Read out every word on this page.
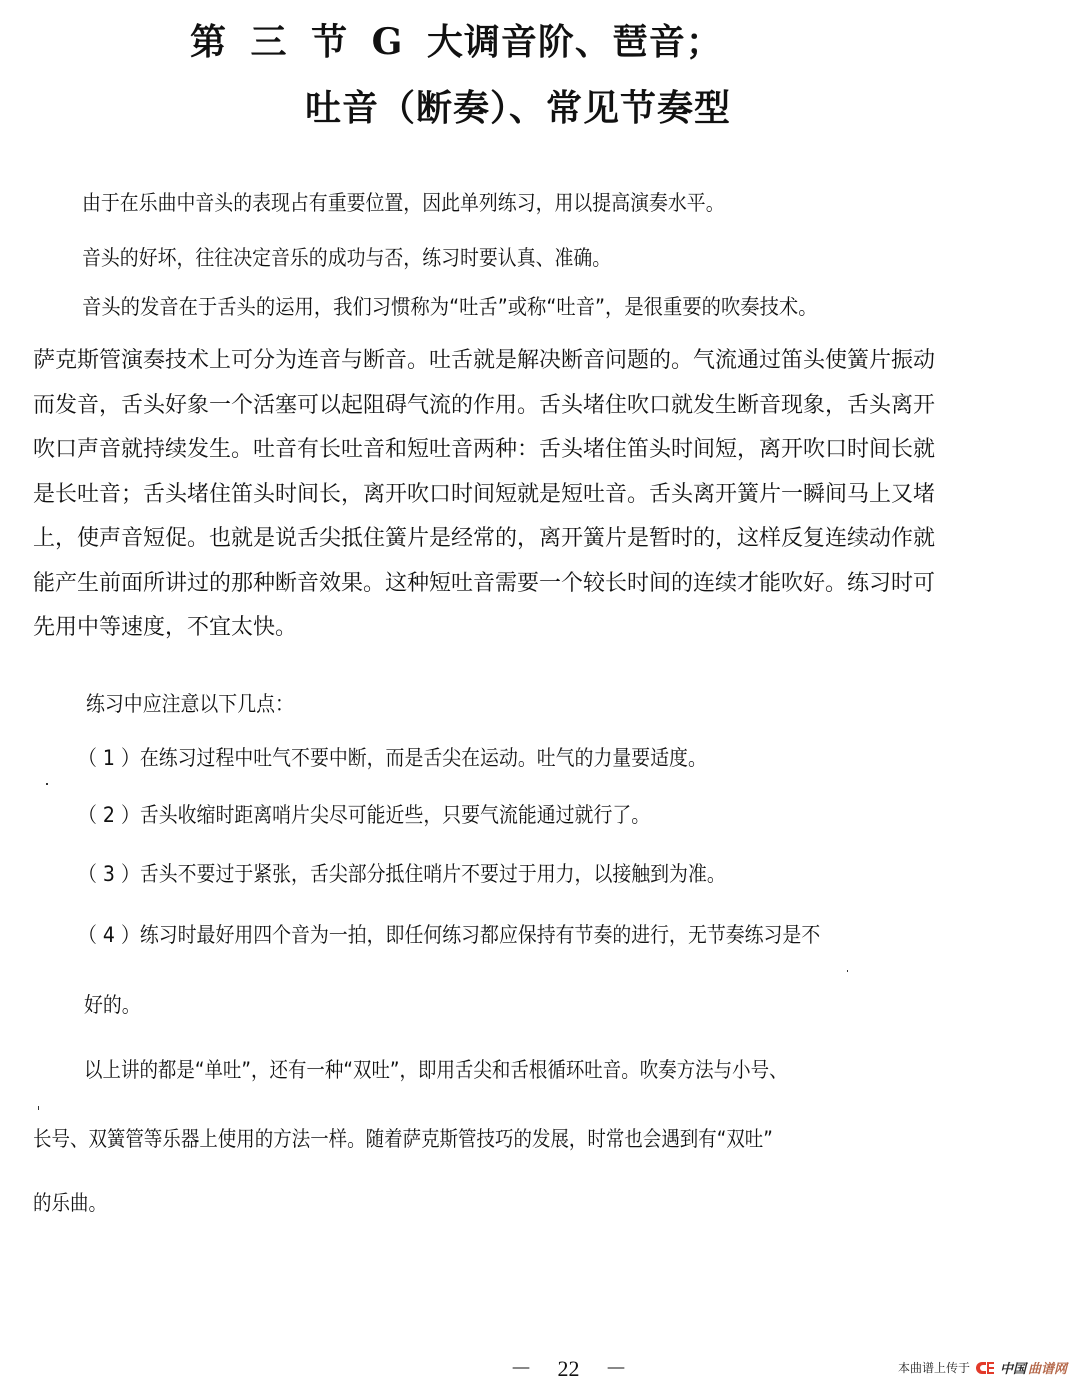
第 三 节 G 大调音阶、琶音；
吐音（断奏）、常见节奏型
由于在乐曲中音头的表现占有重要位置，因此单列练习，用以提高演奏水平。
音头的好坏，往往决定音乐的成功与否，练习时要认真、准确。
音头的发音在于舌头的运用，我们习惯称为“吐舌”或称“吐音”，是很重要的吹奏技术。
萨克斯管演奏技术上可分为连音与断音。吐舌就是解决断音问题的。气流通过笛头使簧片振动
而发音，舌头好象一个活塞可以起阻碍气流的作用。舌头堵住吹口就发生断音现象，舌头离开
吹口声音就持续发生。吐音有长吐音和短吐音两种：舌头堵住笛头时间短，离开吹口时间长就
是长吐音；舌头堵住笛头时间长，离开吹口时间短就是短吐音。舌头离开簧片一瞬间马上又堵
上，使声音短促。也就是说舌尖抵住簧片是经常的，离开簧片是暂时的，这样反复连续动作就
能产生前面所讲过的那种断音效果。这种短吐音需要一个较长时间的连续才能吹好。练习时可
先用中等速度，不宜太快。
练习中应注意以下几点：
（ 1 ）在练习过程中吐气不要中断，而是舌尖在运动。吐气的力量要适度。
（ 2 ）舌头收缩时距离哨片尖尽可能近些，只要气流能通过就行了。
（ 3 ）舌头不要过于紧张，舌尖部分抵住哨片不要过于用力，以接触到为准。
（ 4 ）练习时最好用四个音为一拍，即任何练习都应保持有节奏的进行，无节奏练习是不
好的。
以上讲的都是“单吐”，还有一种“双吐”，即用舌尖和舌根循环吐音。吹奏方法与小号、
长号、双簧管等乐器上使用的方法一样。随着萨克斯管技巧的发展，时常也会遇到有“双吐”
的乐曲。
－ 22 －	本曲谱上传于 中国 曲谱网
